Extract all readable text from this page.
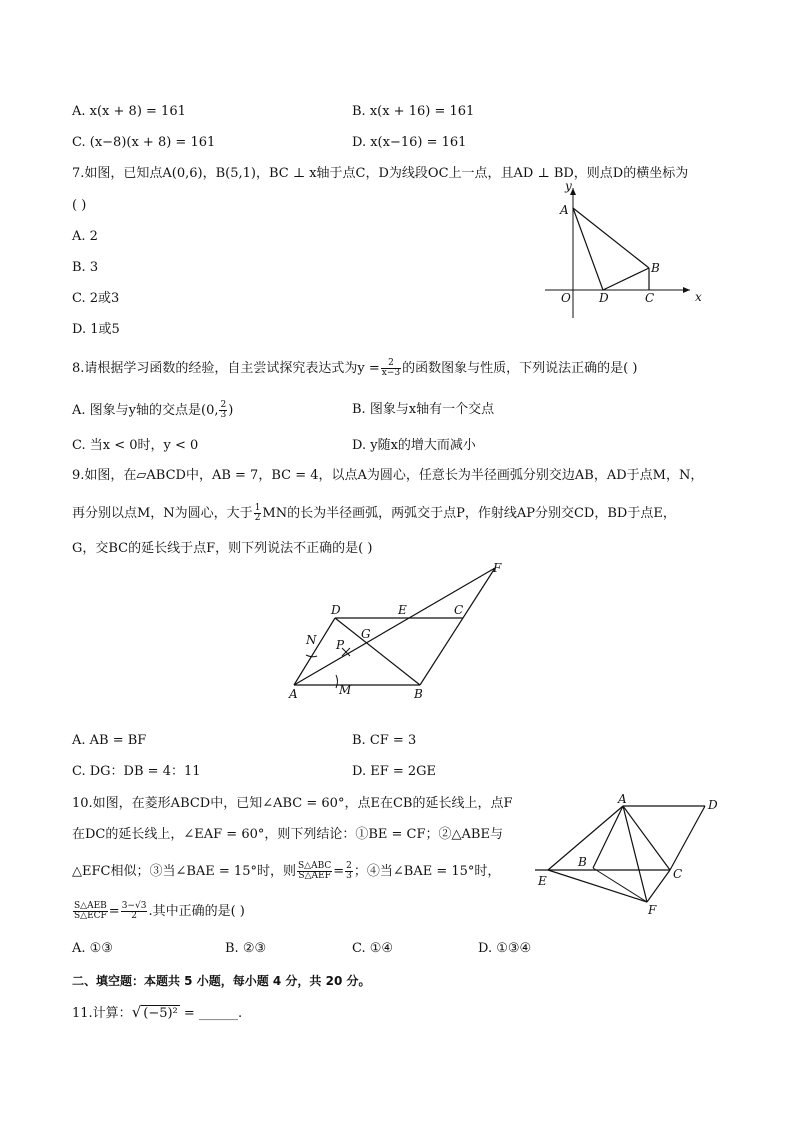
A. x(x + 8) = 161	B. x(x + 16) = 161
C. (x−8)(x + 8) = 161	D. x(x−16) = 161
7.如图，已知点A(0,6)，B(5,1)，BC ⊥ x轴于点C，D为线段OC上一点，且AD ⊥ BD，则点D的横坐标为
( )
A. 2
B. 3
C. 2或3
D. 1或5
y
x
A
B
O D	C
8.请根据学习函数的经验，自主尝试探究表达式为$y = \frac{2}{x-3}$ 的函数图象与性质，下列说法正确的是( )
A. 图象与y轴的交点是(0, $\frac{2}{3}$ )	B. 图象与x轴有一个交点
C. 当x < 0时，y < 0	D. y随x的增大而减小
9.如图，在▱ABCD中，AB = 7，BC = 4，以点A为圆心，任意长为半径画弧分别交边AB，AD于点M，N，
再分别以点M，N为圆心，大于 $\frac{1}{2}$ MN的长为半径画弧，两弧交于点P，作射线AP分别交CD，BD于点E，
G，交BC的延长线于点F，则下列说法不正确的是( )
A	B
C
D	E
F
G
M
N P
A. AB = BF	B. CF = 3
C. DG：DB = 4：11	D. EF = 2GE
10.如图，在菱形ABCD中，已知∠ABC = 60°，点E在CB的延长线上，点F
在DC的延长线上，∠EAF = 60°，则下列结论：①BE = CF；②△ABE与
△EFC相似；③当∠BAE = 15°时，则 $\frac{\text{S△ABC}}{\text{S△AEF}} = \frac{2}{3}$ ；④当∠BAE = 15°时，
$\frac{\text{S△AEB}}{\text{S△ECF}} = \frac{3-√3}{2}$ .其中正确的是( )
A	D
B
C
E
F
A. ①③	B. ②③	C. ①④	D. ①③④
二、填空题：本题共 5 小题，每小题 4 分，共 20 分。
11.计算：√ (−5)² = ______.
